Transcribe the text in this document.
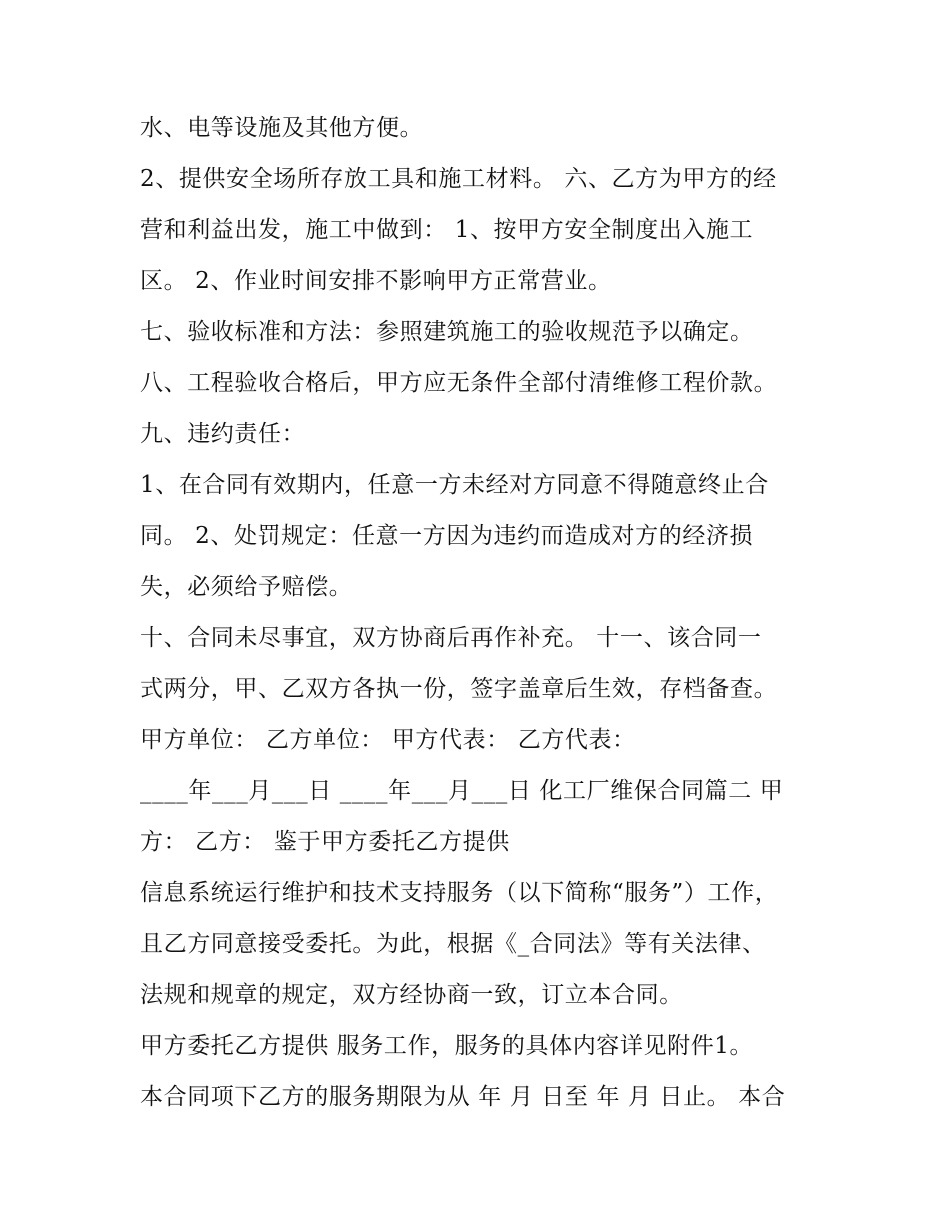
水、电等设施及其他方便。
2、提供安全场所存放工具和施工材料。 六、乙方为甲方的经
营和利益出发，施工中做到： 1、按甲方安全制度出入施工
区。 2、作业时间安排不影响甲方正常营业。
七、验收标准和方法：参照建筑施工的验收规范予以确定。
八、工程验收合格后，甲方应无条件全部付清维修工程价款。
九、违约责任：
1、在合同有效期内，任意一方未经对方同意不得随意终止合
同。 2、处罚规定：任意一方因为违约而造成对方的经济损
失，必须给予赔偿。
十、合同未尽事宜，双方协商后再作补充。 十一、该合同一
式两分，甲、乙双方各执一份，签字盖章后生效，存档备查。
甲方单位： 乙方单位： 甲方代表： 乙方代表：
____年___月___日 ____年___月___日 化工厂维保合同篇二 甲
方： 乙方： 鉴于甲方委托乙方提供
信息系统运行维护和技术支持服务（以下简称“服务”）工作，
且乙方同意接受委托。为此，根据《_合同法》等有关法律、
法规和规章的规定，双方经协商一致，订立本合同。
甲方委托乙方提供 服务工作，服务的具体内容详见附件1。
本合同项下乙方的服务期限为从 年 月 日至 年 月 日止。 本合
